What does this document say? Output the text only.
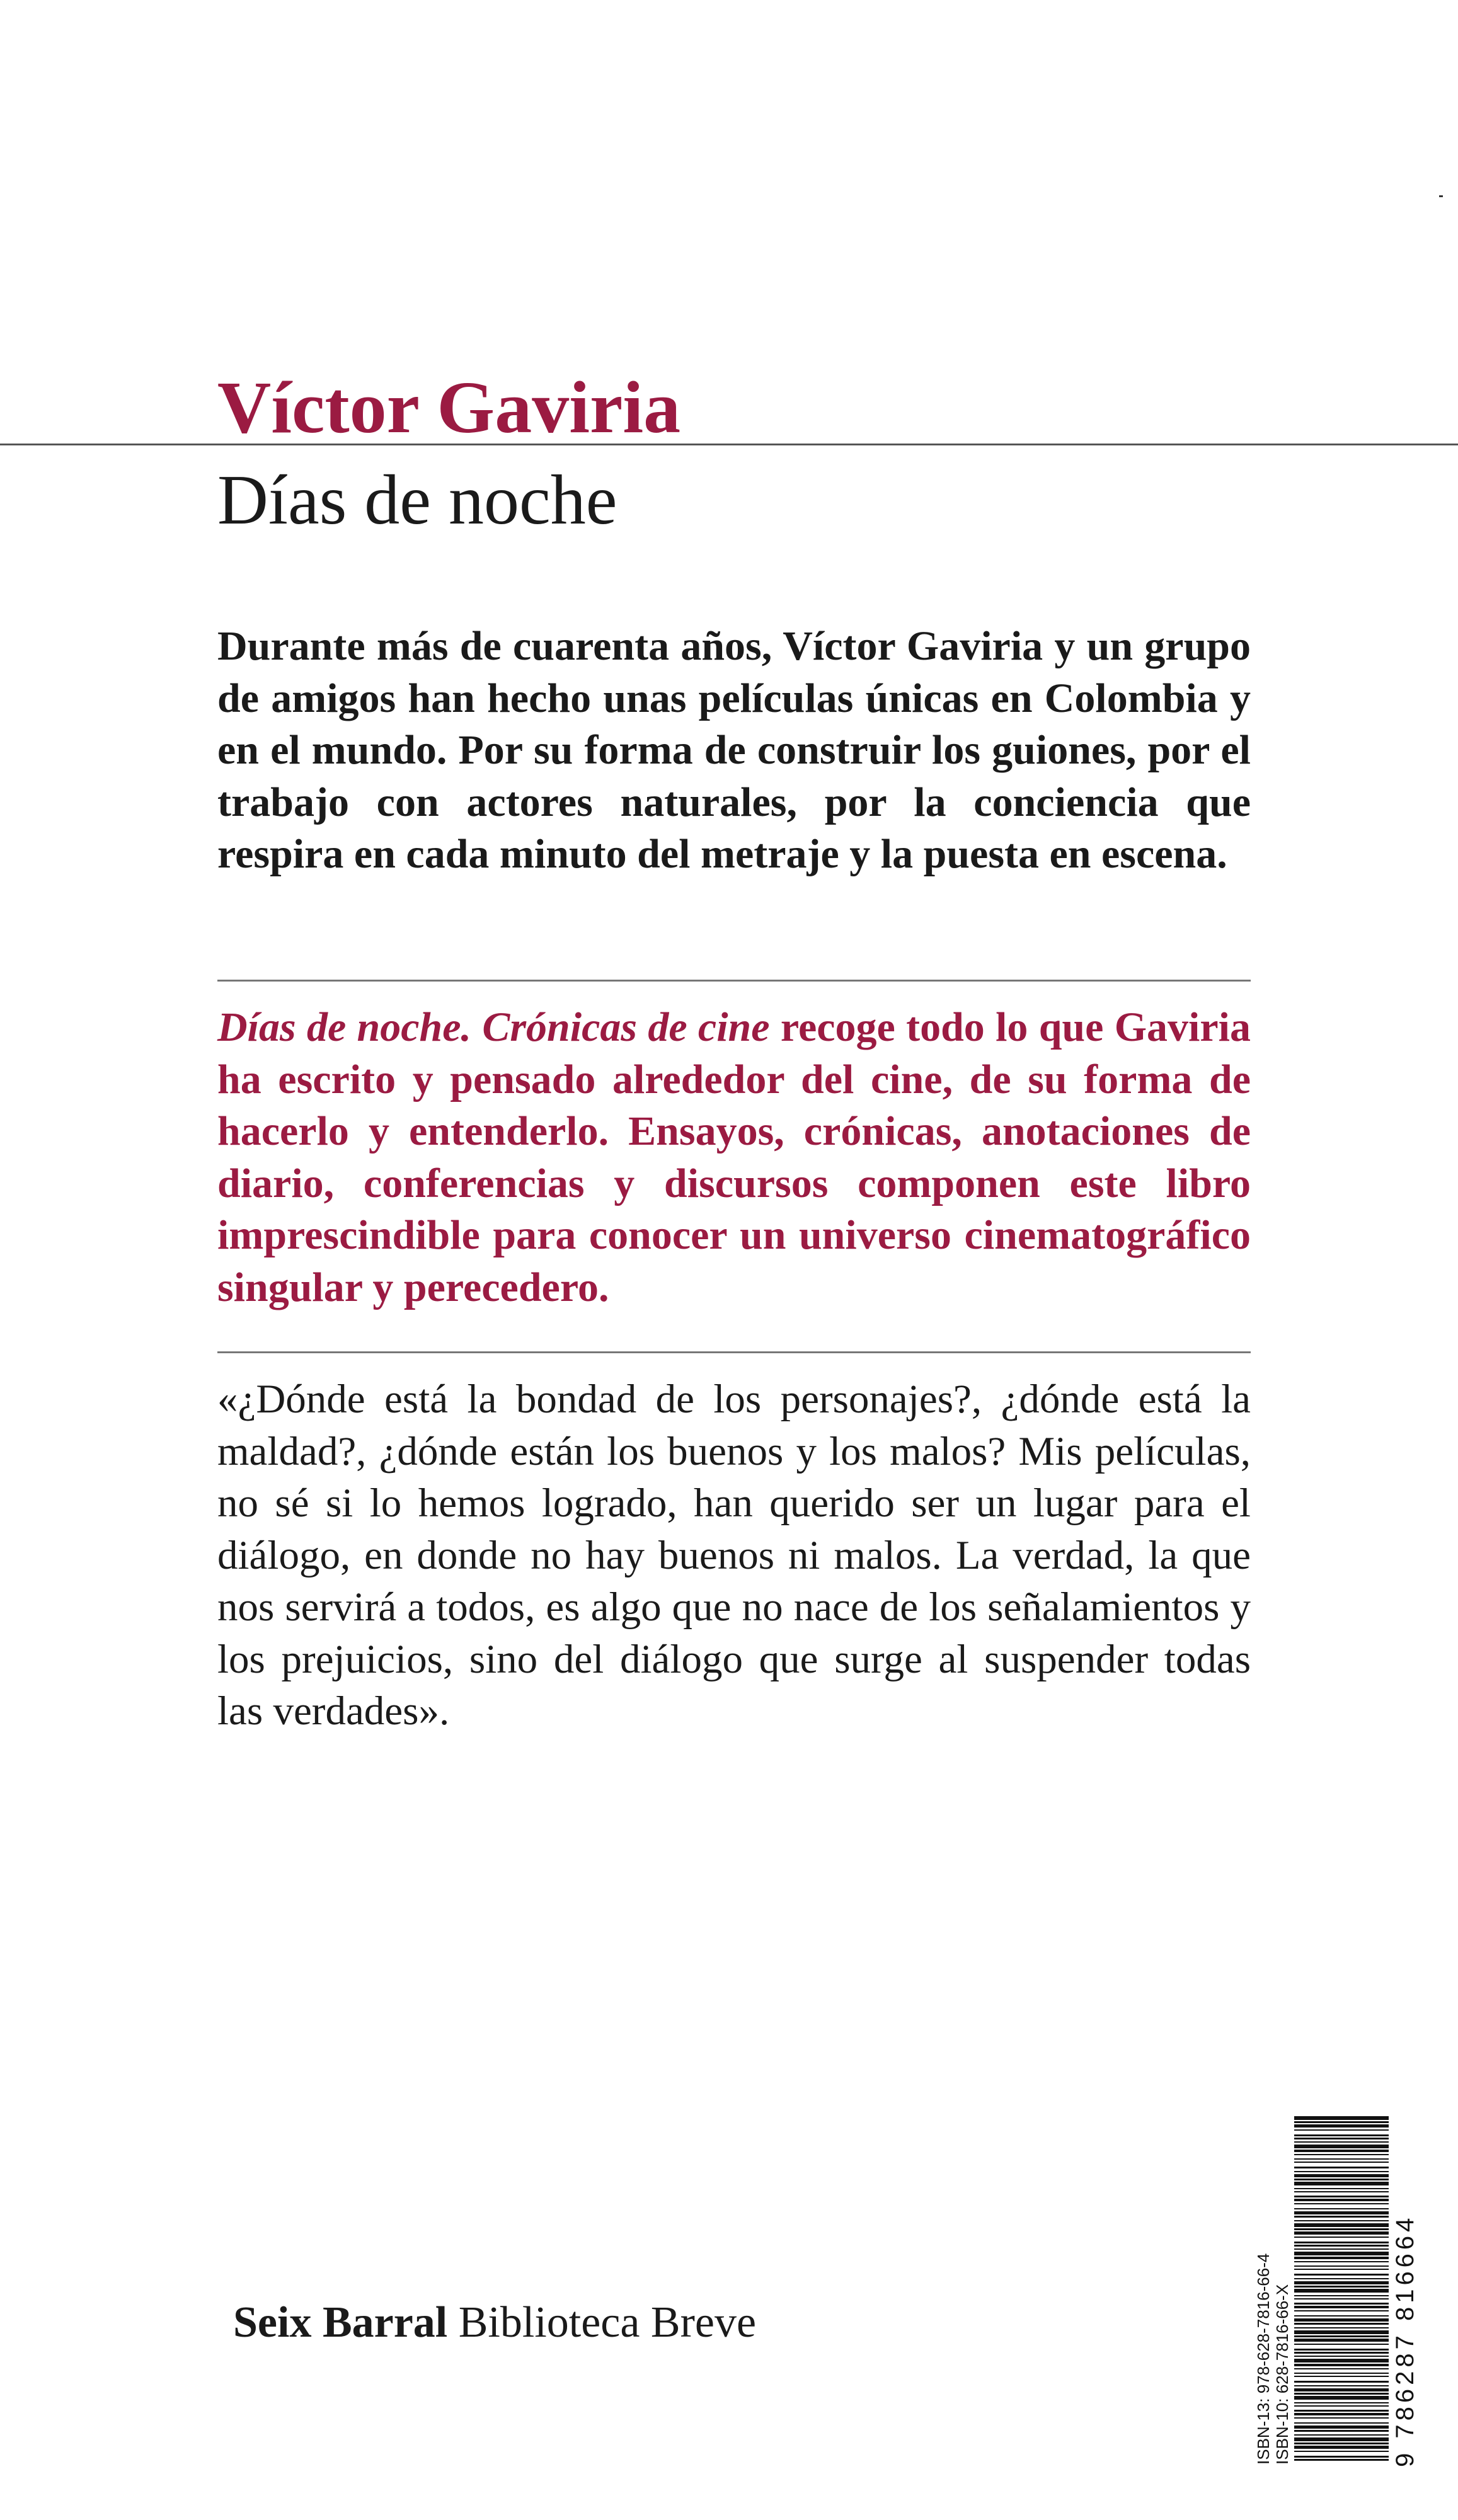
Víctor Gaviria
Días de noche

Durante más de cuarenta años, Víctor Gaviria y un grupo de amigos han hecho unas películas únicas en Colombia y en el mundo. Por su forma de construir los guiones, por el trabajo con actores naturales, por la conciencia que respira en cada minuto del metraje y la puesta en escena.

Días de noche. Crónicas de cine recoge todo lo que Gaviria ha escrito y pensado alrededor del cine, de su forma de hacerlo y entenderlo. Ensayos, crónicas, anotaciones de diario, conferencias y discursos componen este libro imprescindible para conocer un universo cinematográfico singular y perecedero.

«¿Dónde está la bondad de los personajes?, ¿dónde está la maldad?, ¿dónde están los buenos y los malos? Mis películas, no sé si lo hemos logrado, han querido ser un lugar para el diálogo, en donde no hay buenos ni malos. La verdad, la que nos servirá a todos, es algo que no nace de los señalamientos y los prejuicios, sino del diálogo que surge al suspender todas las verdades».

Seix Barral Biblioteca Breve	ISBN-13: 978-628-7816-66-4 ISBN-10: 628-7816-66-X	9 786287 816664
